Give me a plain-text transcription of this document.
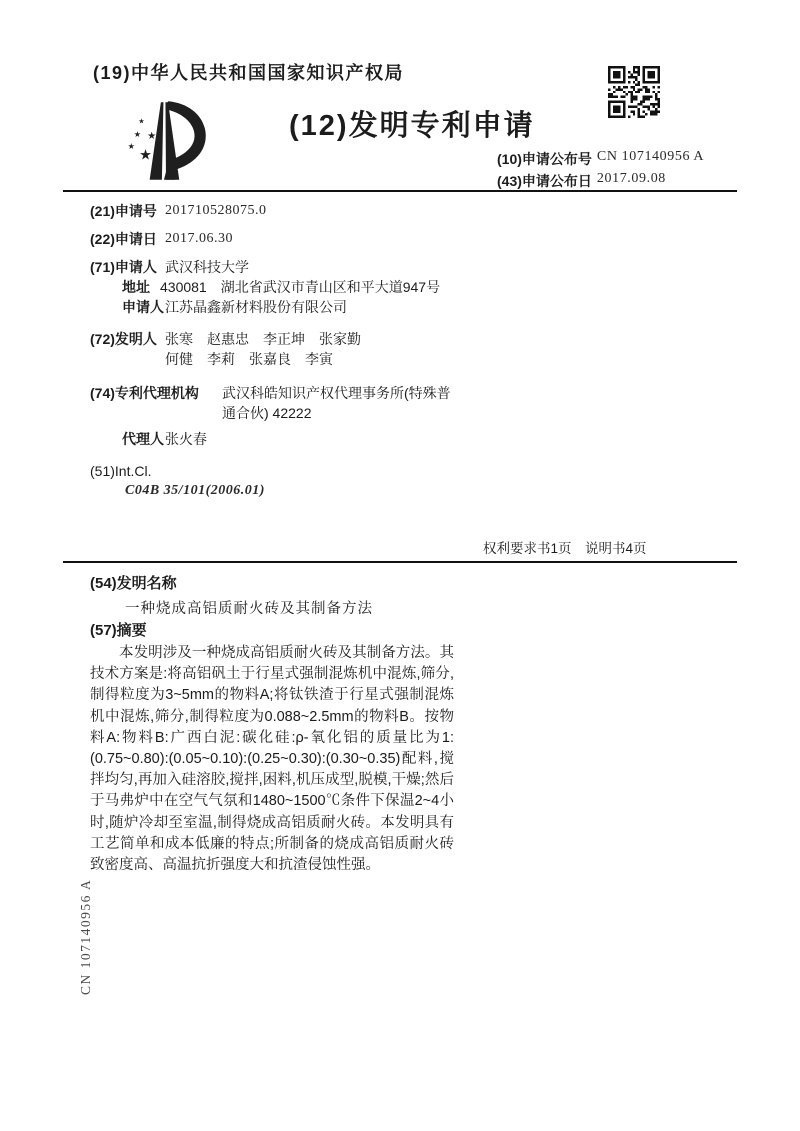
(19)中华人民共和国国家知识产权局
★
★ ★
★
★
(12)发明专利申请
(10)申请公布号 CN 107140956 A
(43)申请公布日 2017.09.08
(21)申请号 201710528075.0
(22)申请日 2017.06.30
(71)申请人 武汉科技大学
地址 430081　湖北省武汉市青山区和平大道947号
申请人 江苏晶鑫新材料股份有限公司
(72)发明人 张寒　赵惠忠　李正坤　张家勤
何健　李莉　张嘉良　李寅
(74)专利代理机构	武汉科皓知识产权代理事务所(特殊普通合伙) 42222
代理人 张火春
(51)Int.Cl.
C04B 35/101(2006.01)
权利要求书1页　说明书4页
(54)发明名称
一种烧成高铝质耐火砖及其制备方法
(57)摘要
本发明涉及一种烧成高铝质耐火砖及其制备方法。其技术方案是:将高铝矾土于行星式强制混炼机中混炼,筛分,制得粒度为3~5mm的物料A;将钛铁渣于行星式强制混炼机中混炼,筛分,制得粒度为0.088~2.5mm的物料B。按物料A:物料B:广西白泥:碳化硅:ρ-氧化铝的质量比为1:(0.75~0.80):(0.05~0.10):(0.25~0.30):(0.30~0.35)配料,搅拌均匀,再加入硅溶胶,搅拌,困料,机压成型,脱模,干燥;然后于马弗炉中在空气气氛和1480~1500℃条件下保温2~4小时,随炉冷却至室温,制得烧成高铝质耐火砖。本发明具有工艺简单和成本低廉的特点;所制备的烧成高铝质耐火砖致密度高、高温抗折强度大和抗渣侵蚀性强。
CN 107140956 A
